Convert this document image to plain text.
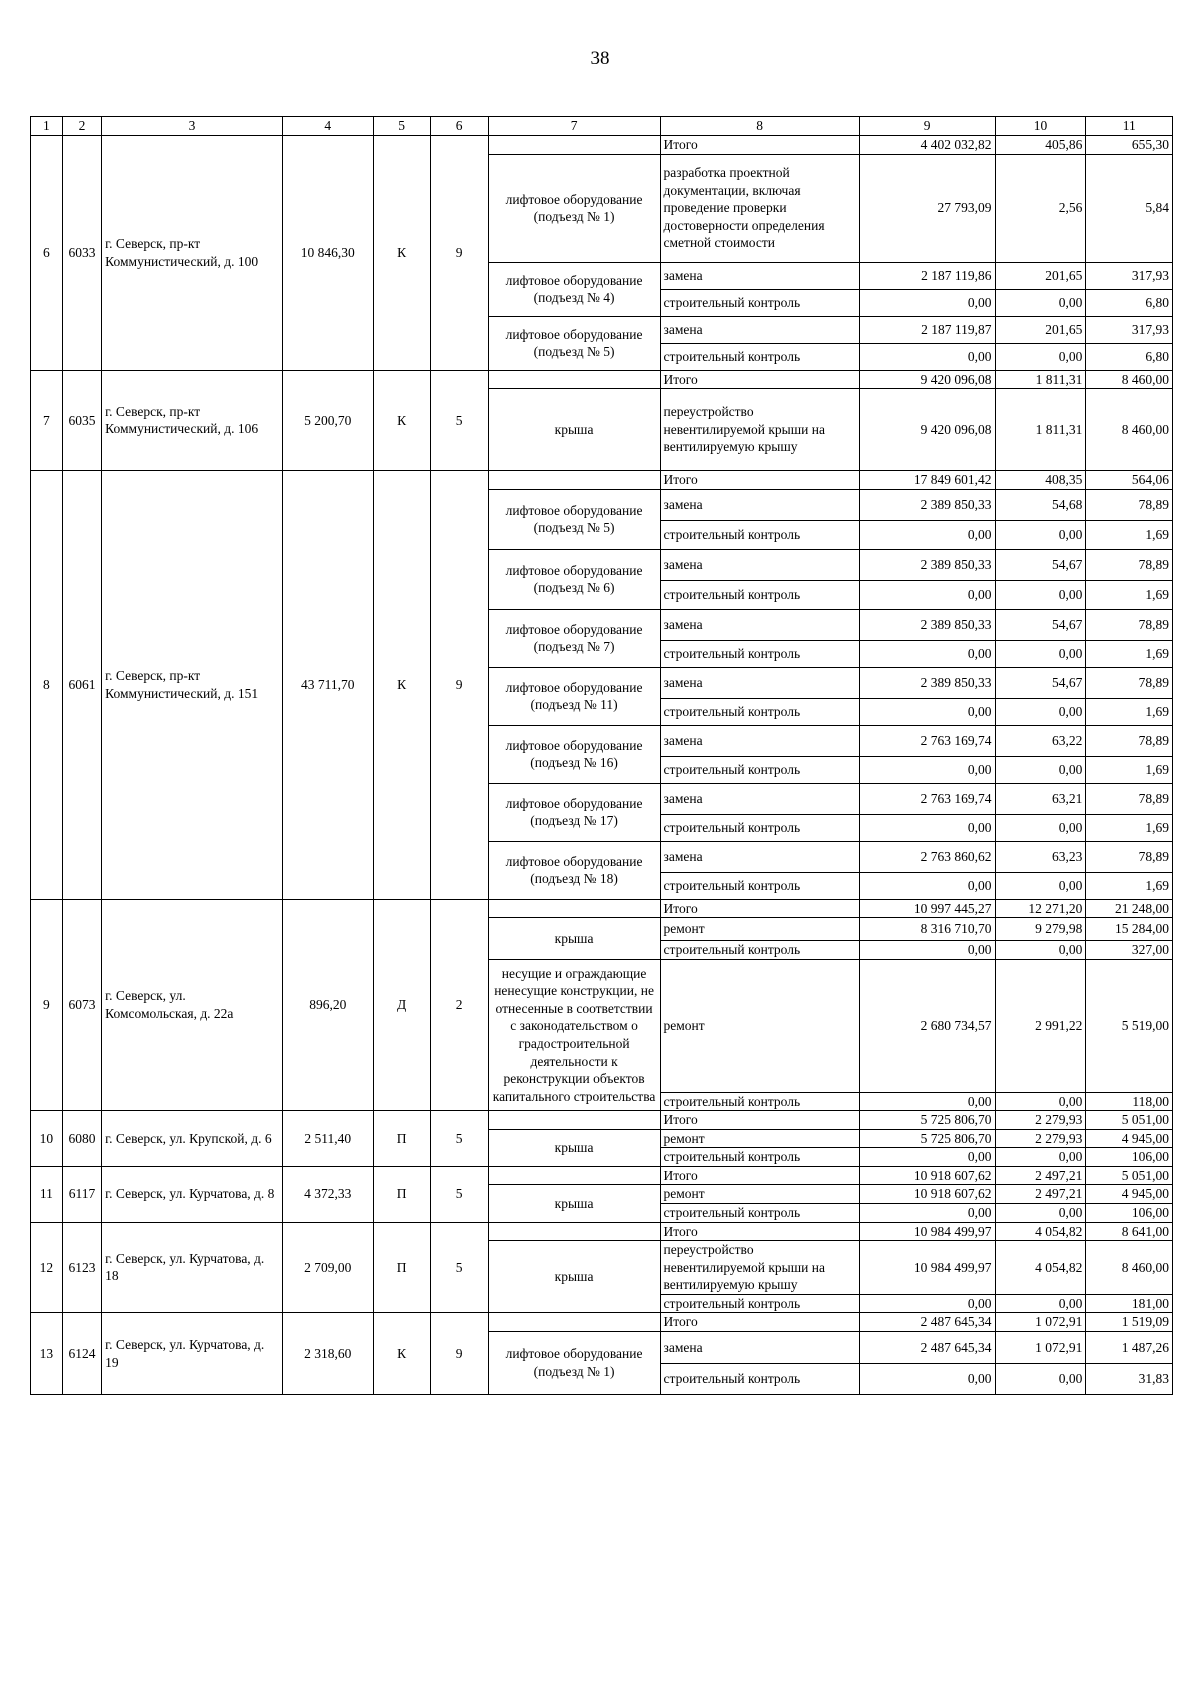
38
1	2	3	4	5	6	7	8	9	10	11
6	6033	г. Северск, пр-кт Коммунистический, д. 100	10 846,30	К	9		Итого	4 402 032,82	405,86	655,30
						лифтовое оборудование (подъезд № 1)	разработка проектной документации, включая проведение проверки достоверности определения сметной стоимости	27 793,09	2,56	5,84
						лифтовое оборудование (подъезд № 4)	замена	2 187 119,86	201,65	317,93
							строительный контроль	0,00	0,00	6,80
						лифтовое оборудование (подъезд № 5)	замена	2 187 119,87	201,65	317,93
							строительный контроль	0,00	0,00	6,80
7	6035	г. Северск, пр-кт Коммунистический, д. 106	5 200,70	К	5		Итого	9 420 096,08	1 811,31	8 460,00
						крыша	переустройство невентилируемой крыши на вентилируемую крышу	9 420 096,08	1 811,31	8 460,00
8	6061	г. Северск, пр-кт Коммунистический, д. 151	43 711,70	К	9		Итого	17 849 601,42	408,35	564,06
						лифтовое оборудование (подъезд № 5)	замена	2 389 850,33	54,68	78,89
							строительный контроль	0,00	0,00	1,69
						лифтовое оборудование (подъезд № 6)	замена	2 389 850,33	54,67	78,89
							строительный контроль	0,00	0,00	1,69
						лифтовое оборудование (подъезд № 7)	замена	2 389 850,33	54,67	78,89
							строительный контроль	0,00	0,00	1,69
						лифтовое оборудование (подъезд № 11)	замена	2 389 850,33	54,67	78,89
							строительный контроль	0,00	0,00	1,69
						лифтовое оборудование (подъезд № 16)	замена	2 763 169,74	63,22	78,89
							строительный контроль	0,00	0,00	1,69
						лифтовое оборудование (подъезд № 17)	замена	2 763 169,74	63,21	78,89
							строительный контроль	0,00	0,00	1,69
						лифтовое оборудование (подъезд № 18)	замена	2 763 860,62	63,23	78,89
							строительный контроль	0,00	0,00	1,69
9	6073	г. Северск, ул. Комсомольская, д. 22а	896,20	Д	2		Итого	10 997 445,27	12 271,20	21 248,00
						крыша	ремонт	8 316 710,70	9 279,98	15 284,00
							строительный контроль	0,00	0,00	327,00
						несущие и ограждающие ненесущие конструкции, не отнесенные в соответствии с законодательством о градостроительной деятельности к реконструкции объектов капитального строительства	ремонт	2 680 734,57	2 991,22	5 519,00
							строительный контроль	0,00	0,00	118,00
10	6080	г. Северск, ул. Крупской, д. 6	2 511,40	П	5		Итого	5 725 806,70	2 279,93	5 051,00
						крыша	ремонт	5 725 806,70	2 279,93	4 945,00
							строительный контроль	0,00	0,00	106,00
11	6117	г. Северск, ул. Курчатова, д. 8	4 372,33	П	5		Итого	10 918 607,62	2 497,21	5 051,00
						крыша	ремонт	10 918 607,62	2 497,21	4 945,00
							строительный контроль	0,00	0,00	106,00
12	6123	г. Северск, ул. Курчатова, д. 18	2 709,00	П	5		Итого	10 984 499,97	4 054,82	8 641,00
						крыша	переустройство невентилируемой крыши на вентилируемую крышу	10 984 499,97	4 054,82	8 460,00
							строительный контроль	0,00	0,00	181,00
13	6124	г. Северск, ул. Курчатова, д. 19	2 318,60	К	9		Итого	2 487 645,34	1 072,91	1 519,09
						лифтовое оборудование (подъезд № 1)	замена	2 487 645,34	1 072,91	1 487,26
							строительный контроль	0,00	0,00	31,83
